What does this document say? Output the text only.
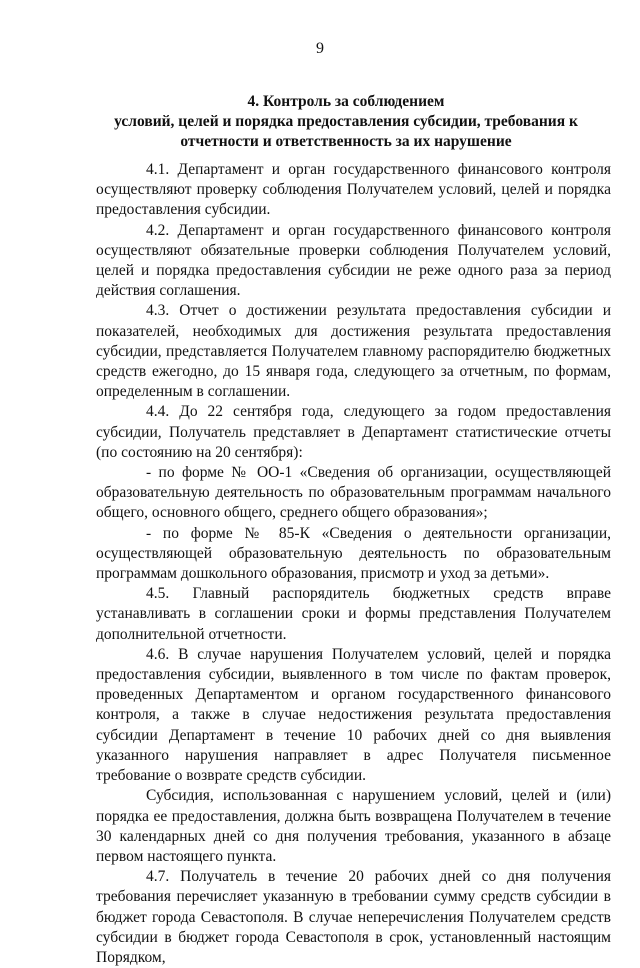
9
4. Контроль за соблюдением
условий, целей и порядка предоставления субсидии, требования к
отчетности и ответственность за их нарушение

4.1. Департамент и орган государственного финансового контроля осуществляют проверку соблюдения Получателем условий, целей и порядка предоставления субсидии.

4.2. Департамент и орган государственного финансового контроля осуществляют обязательные проверки соблюдения Получателем условий, целей и порядка предоставления субсидии не реже одного раза за период действия соглашения.

4.3. Отчет о достижении результата предоставления субсидии и показателей, необходимых для достижения результата предоставления субсидии, представляется Получателем главному распорядителю бюджетных средств ежегодно, до 15 января года, следующего за отчетным, по формам, определенным в соглашении.

4.4. До 22 сентября года, следующего за годом предоставления субсидии, Получатель представляет в Департамент статистические отчеты (по состоянию на 20 сентября):

- по форме № ОО-1 «Сведения об организации, осуществляющей образовательную деятельность по образовательным программам начального общего, основного общего, среднего общего образования»;

- по форме № 85-К «Сведения о деятельности организации, осуществляющей образовательную деятельность по образовательным программам дошкольного образования, присмотр и уход за детьми».

4.5. Главный распорядитель бюджетных средств вправе устанавливать в соглашении сроки и формы представления Получателем дополнительной отчетности.

4.6. В случае нарушения Получателем условий, целей и порядка предоставления субсидии, выявленного в том числе по фактам проверок, проведенных Департаментом и органом государственного финансового контроля, а также в случае недостижения результата предоставления субсидии Департамент в течение 10 рабочих дней со дня выявления указанного нарушения направляет в адрес Получателя письменное требование о возврате средств субсидии.

Субсидия, использованная с нарушением условий, целей и (или) порядка ее предоставления, должна быть возвращена Получателем в течение 30 календарных дней со дня получения требования, указанного в абзаце первом настоящего пункта.

4.7. Получатель в течение 20 рабочих дней со дня получения требования перечисляет указанную в требовании сумму средств субсидии в бюджет города Севастополя. В случае неперечисления Получателем средств субсидии в бюджет города Севастополя в срок, установленный настоящим Порядком,
